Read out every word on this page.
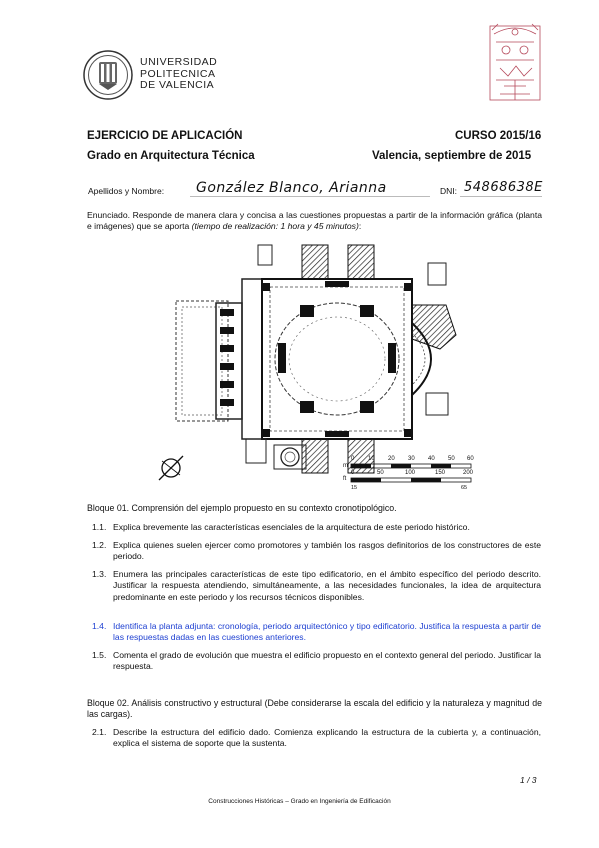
UNIVERSIDAD
POLITECNICA
DE VALENCIA
EJERCICIO DE APLICACIÓN	CURSO 2015/16
Grado en Arquitectura Técnica	Valencia, septiembre de 2015
Apellidos y Nombre: González Blanco, Arianna	DNI: 54868638E
Enunciado. Responde de manera clara y concisa a las cuestiones propuestas a partir de la información gráfica (planta e imágenes) que se aporta (tiempo de realización: 1 hora y 45 minutos):
m
0 10 20 30 40 50 60
ft
0	50	100	150	200
15	65
Bloque 01. Comprensión del ejemplo propuesto en su contexto cronotipológico.
1.1. Explica brevemente las características esenciales de la arquitectura de este periodo histórico.
1.2. Explica quienes suelen ejercer como promotores y también los rasgos definitorios de los constructores de este periodo.
1.3. Enumera las principales características de este tipo edificatorio, en el ámbito específico del periodo descrito. Justificar la respuesta atendiendo, simultáneamente, a las necesidades funcionales, la idea de arquitectura predominante en este periodo y los recursos técnicos disponibles.
1.4. Identifica la planta adjunta: cronología, periodo arquitectónico y tipo edificatorio. Justifica la respuesta a partir de las respuestas dadas en las cuestiones anteriores.
1.5. Comenta el grado de evolución que muestra el edificio propuesto en el contexto general del periodo. Justificar la respuesta.
Bloque 02. Análisis constructivo y estructural (Debe considerarse la escala del edificio y la naturaleza y magnitud de las cargas).
2.1. Describe la estructura del edificio dado. Comienza explicando la estructura de la cubierta y, a continuación, explica el sistema de soporte que la sustenta.
1 / 3
Construcciones Históricas – Grado en Ingeniería de Edificación
